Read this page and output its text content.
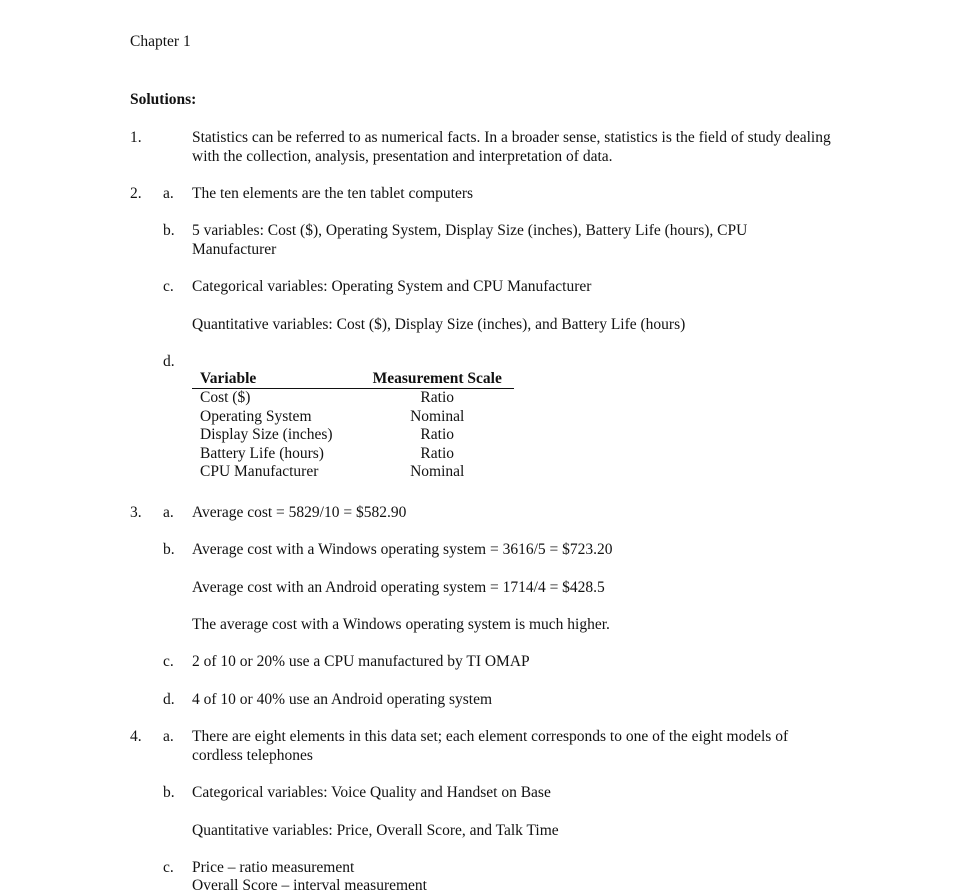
Chapter 1
Solutions:
1.	Statistics can be referred to as numerical facts. In a broader sense, statistics is the field of study dealing with the collection, analysis, presentation and interpretation of data.
2. a. The ten elements are the ten tablet computers
b. 5 variables: Cost ($), Operating System, Display Size (inches), Battery Life (hours), CPU Manufacturer
c. Categorical variables: Operating System and CPU Manufacturer
Quantitative variables: Cost ($), Display Size (inches), and Battery Life (hours)
d.
Variable	Measurement Scale
Cost ($)	Ratio
Operating System	Nominal
Display Size (inches)	Ratio
Battery Life (hours)	Ratio
CPU Manufacturer	Nominal
3. a. Average cost = 5829/10 = $582.90
b. Average cost with a Windows operating system = 3616/5 = $723.20
Average cost with an Android operating system = 1714/4 = $428.5
The average cost with a Windows operating system is much higher.
c. 2 of 10 or 20% use a CPU manufactured by TI OMAP
d. 4 of 10 or 40% use an Android operating system
4. a. There are eight elements in this data set; each element corresponds to one of the eight models of cordless telephones
b. Categorical variables: Voice Quality and Handset on Base
Quantitative variables: Price, Overall Score, and Talk Time
c. Price – ratio measurement
Overall Score – interval measurement
